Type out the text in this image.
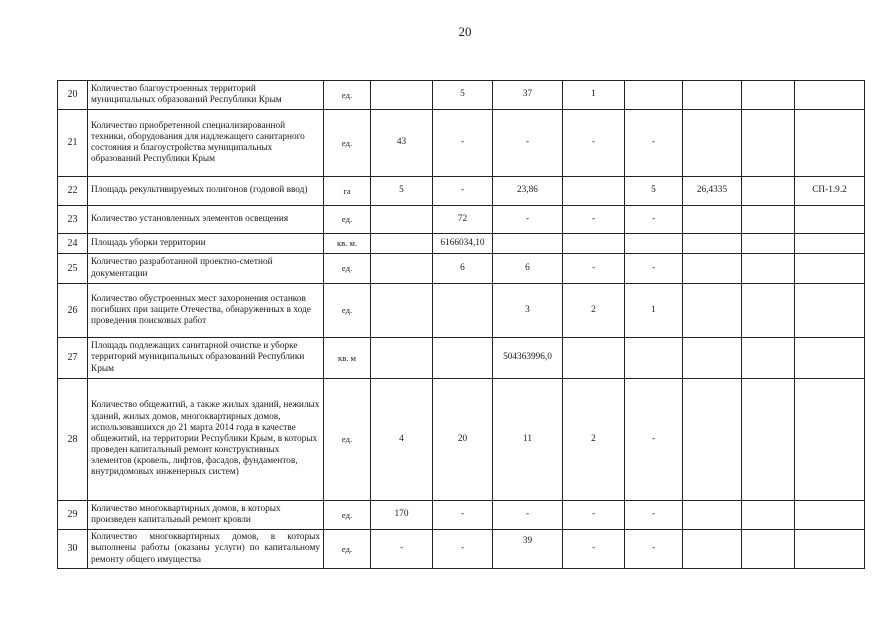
20
20	Количество благоустроенных территорий муниципальных образований Республики Крым	ед.		5	37	1				
21	Количество приобретенной специализированной техники, оборудования для надлежащего санитарного состояния и благоустройства муниципальных образований Республики Крым	ед.	43	-	-	-	-			
22	Площадь рекультивируемых полигонов (годовой ввод)	га	5	-	23,86		5	26,4335		СП-1.9.2
23	Количество установленных элементов освещения	ед.		72	-	-	-			
24	Площадь уборки территории	кв. м.		6166034,10						
25	Количество разработанной проектно-сметной документации	ед.		6	6	-	-			
26	Количество обустроенных мест захоронения останков погибших при защите Отечества, обнаруженных в ходе проведения поисковых работ	ед.			3	2	1			
27	Площадь подлежащих санитарной очистке и уборке территорий муниципальных образований Республики Крым	кв. м			504363996,0					
28	Количество общежитий, а также жилых зданий, нежилых зданий, жилых домов, многоквартирных домов, использовавшихся до 21 марта 2014 года в качестве общежитий, на территории Республики Крым, в которых проведен капитальный ремонт конструктивных элементов (кровель, лифтов, фасадов, фундаментов, внутридомовых инженерных систем)	ед.	4	20	11	2	-			
29	Количество многоквартирных домов, в которых произведен капитальный ремонт кровли	ед.	170	-	-	-	-			
30	Количество многоквартирных домов, в которых выполнены работы (оказаны услуги) по капитальному ремонту общего имущества	ед.	-	-	39	-	-			
